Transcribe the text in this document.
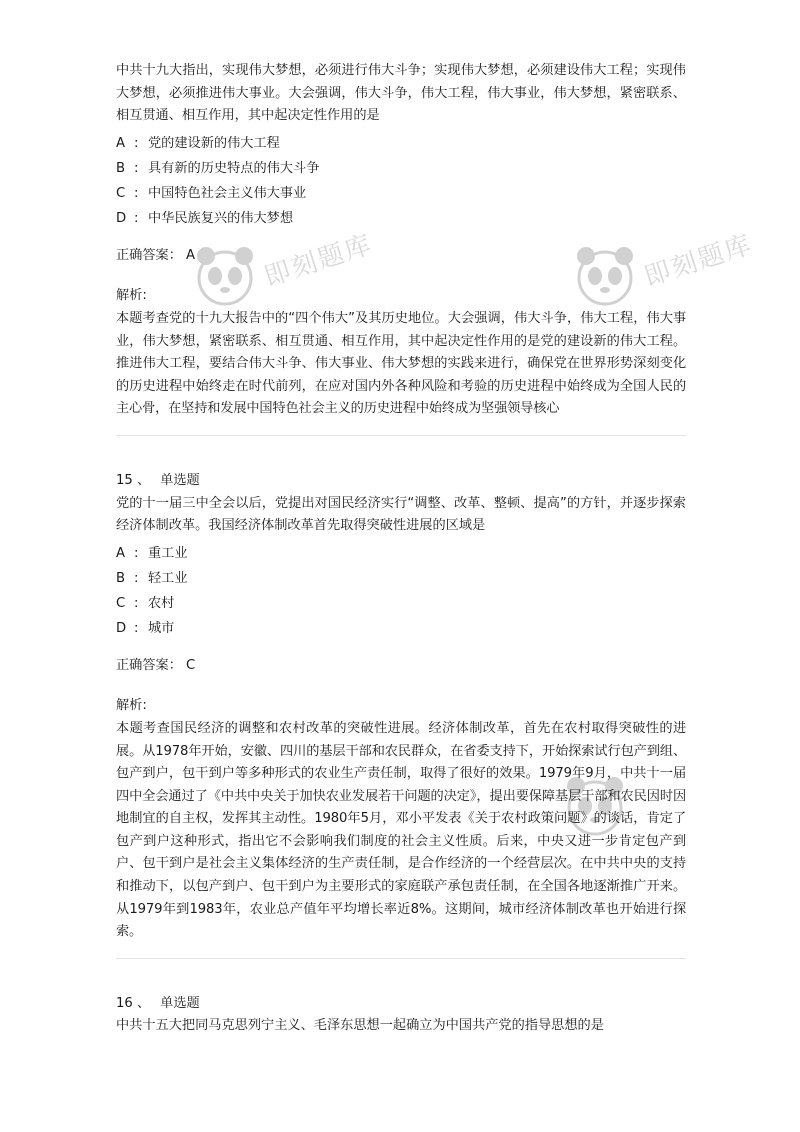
即刻题库	即刻题库

中共十九大指出，实现伟大梦想，必须进行伟大斗争；实现伟大梦想，必须建设伟大工程；实现伟大梦想，必须推进伟大事业。大会强调，伟大斗争，伟大工程，伟大事业，伟大梦想，紧密联系、相互贯通、相互作用，其中起决定性作用的是

A : 党的建设新的伟大工程

B : 具有新的历史特点的伟大斗争

C : 中国特色社会主义伟大事业

D : 中华民族复兴的伟大梦想

正确答案： A

解析:

本题考查党的十九大报告中的“四个伟大”及其历史地位。大会强调，伟大斗争，伟大工程，伟大事业，伟大梦想，紧密联系、相互贯通、相互作用，其中起决定性作用的是党的建设新的伟大工程。推进伟大工程，要结合伟大斗争、伟大事业、伟大梦想的实践来进行，确保党在世界形势深刻变化的历史进程中始终走在时代前列，在应对国内外各种风险和考验的历史进程中始终成为全国人民的主心骨，在坚持和发展中国特色社会主义的历史进程中始终成为坚强领导核心

15 、 单选题

党的十一届三中全会以后，党提出对国民经济实行“调整、改革、整顿、提高”的方针，并逐步探索经济体制改革。我国经济体制改革首先取得突破性进展的区域是

A : 重工业

B : 轻工业

C : 农村

D : 城市

正确答案： C

解析:

本题考查国民经济的调整和农村改革的突破性进展。经济体制改革，首先在农村取得突破性的进展。从1978年开始，安徽、四川的基层干部和农民群众，在省委支持下，开始探索试行包产到组、包产到户，包干到户等多种形式的农业生产责任制，取得了很好的效果。1979年9月，中共十一届四中全会通过了《中共中央关于加快农业发展若干问题的决定》，提出要保障基层干部和农民因时因地制宜的自主权，发挥其主动性。1980年5月，邓小平发表《关于农村政策问题》的谈话，肯定了包产到户这种形式，指出它不会影响我们制度的社会主义性质。后来，中央又进一步肯定包产到户、包干到户是社会主义集体经济的生产责任制，是合作经济的一个经营层次。在中共中央的支持和推动下，以包产到户、包干到户为主要形式的家庭联产承包责任制，在全国各地逐渐推广开来。从1979年到1983年，农业总产值年平均增长率近8%。这期间，城市经济体制改革也开始进行探索。

16 、 单选题

中共十五大把同马克思列宁主义、毛泽东思想一起确立为中国共产党的指导思想的是
